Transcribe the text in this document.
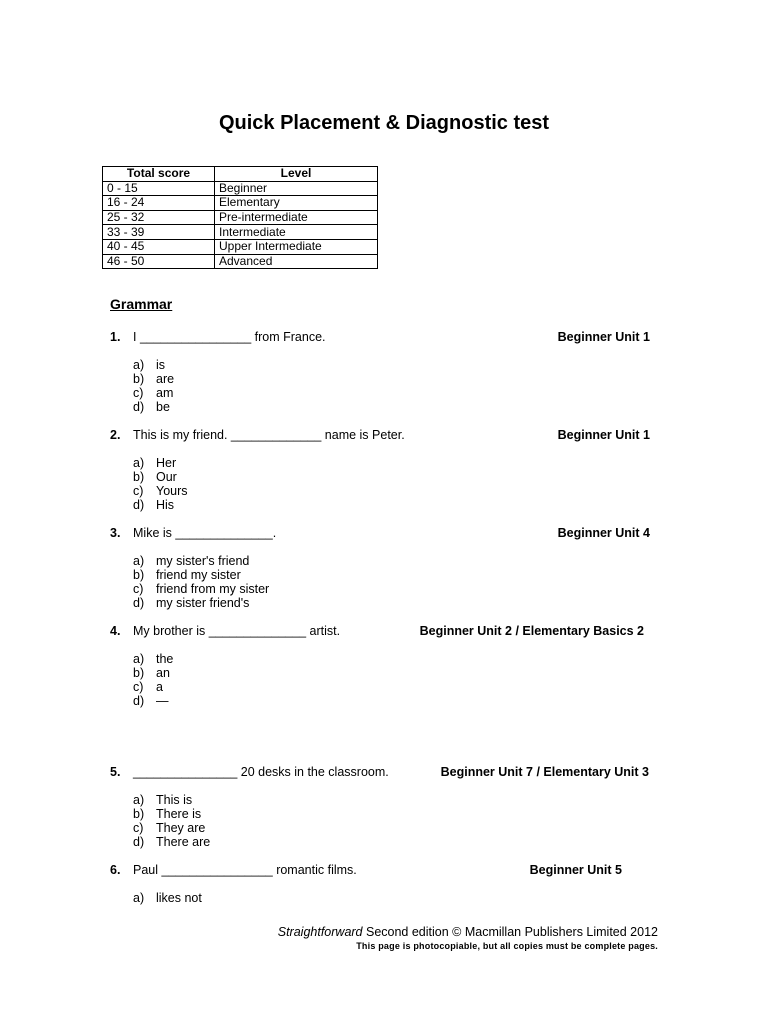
Quick Placement & Diagnostic test
Total score	Level
0 - 15	Beginner
16 - 24	Elementary
25 - 32	Pre-intermediate
33 - 39	Intermediate
40 - 45	Upper Intermediate
46 - 50	Advanced
Grammar
1. I ________________ from France.	Beginner Unit 1
a) is
b) are
c) am
d) be
2. This is my friend. _____________ name is Peter.	Beginner Unit 1
a) Her
b) Our
c) Yours
d) His
3. Mike is ______________.	Beginner Unit 4
a) my sister's friend
b) friend my sister
c) friend from my sister
d) my sister friend's
4. My brother is ______________ artist.	Beginner Unit 2 / Elementary Basics 2
a) the
b) an
c) a
d) —
5. _______________ 20 desks in the classroom.	Beginner Unit 7 / Elementary Unit 3
a) This is
b) There is
c) They are
d) There are
6. Paul ________________ romantic films.	Beginner Unit 5
a) likes not
Straightforward Second edition © Macmillan Publishers Limited 2012
This page is photocopiable, but all copies must be complete pages.
